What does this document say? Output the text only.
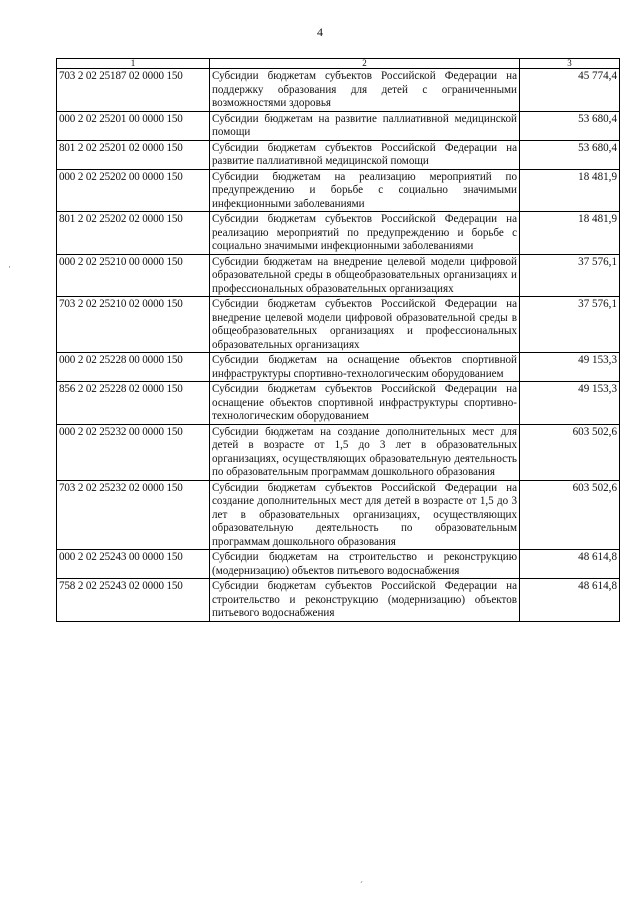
4
1	2	3
703 2 02 25187 02 0000 150	Субсидии бюджетам субъектов Российской Федерации на поддержку образования для детей с ограниченными возможностями здоровья	45 774,4
000 2 02 25201 00 0000 150	Субсидии бюджетам на развитие паллиативной медицинской помощи	53 680,4
801 2 02 25201 02 0000 150	Субсидии бюджетам субъектов Российской Федерации на развитие паллиативной медицинской помощи	53 680,4
000 2 02 25202 00 0000 150	Субсидии бюджетам на реализацию мероприятий по предупреждению и борьбе с социально значимыми инфекционными заболеваниями	18 481,9
801 2 02 25202 02 0000 150	Субсидии бюджетам субъектов Российской Федерации на реализацию мероприятий по предупреждению и борьбе с социально значимыми инфекционными заболеваниями	18 481,9
000 2 02 25210 00 0000 150	Субсидии бюджетам на внедрение целевой модели цифровой образовательной среды в общеобразовательных организациях и профессиональных образовательных организациях	37 576,1
703 2 02 25210 02 0000 150	Субсидии бюджетам субъектов Российской Федерации на внедрение целевой модели цифровой образовательной среды в общеобразовательных организациях и профессиональных образовательных организациях	37 576,1
000 2 02 25228 00 0000 150	Субсидии бюджетам на оснащение объектов спортивной инфраструктуры спортивно-технологическим оборудованием	49 153,3
856 2 02 25228 02 0000 150	Субсидии бюджетам субъектов Российской Федерации на оснащение объектов спортивной инфраструктуры спортивно-технологическим оборудованием	49 153,3
000 2 02 25232 00 0000 150	Субсидии бюджетам на создание дополнительных мест для детей в возрасте от 1,5 до 3 лет в образовательных организациях, осуществляющих образовательную деятельность по образовательным программам дошкольного образования	603 502,6
703 2 02 25232 02 0000 150	Субсидии бюджетам субъектов Российской Федерации на создание дополнительных мест для детей в возрасте от 1,5 до 3 лет в образовательных организациях, осуществляющих образовательную деятельность по образовательным программам дошкольного образования	603 502,6
000 2 02 25243 00 0000 150	Субсидии бюджетам на строительство и реконструкцию (модернизацию) объектов питьевого водоснабжения	48 614,8
758 2 02 25243 02 0000 150	Субсидии бюджетам субъектов Российской Федерации на строительство и реконструкцию (модернизацию) объектов питьевого водоснабжения	48 614,8
·
ˊ
